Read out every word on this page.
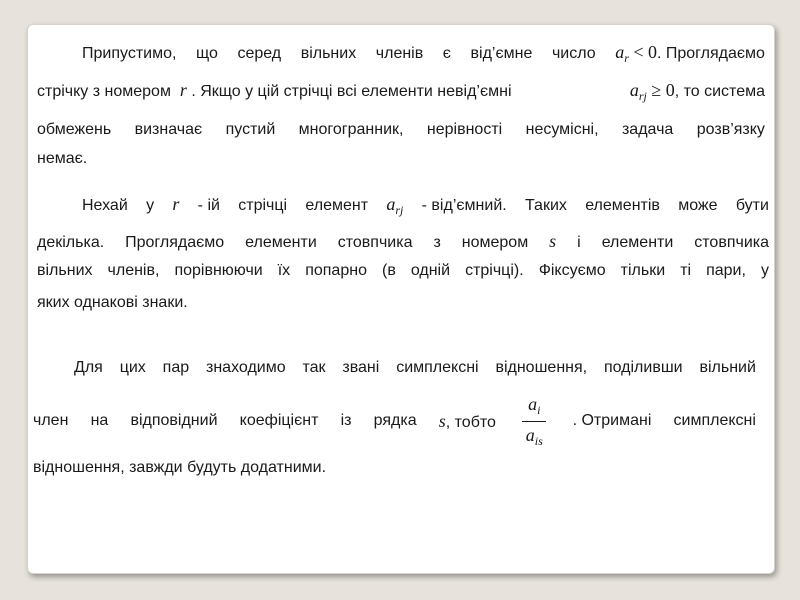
Припустимо, що серед вільних членів є від’ємне число $a_r < 0$. Проглядаємо
стрічку з номером r . Якщо у цій стрічці всі елементи невід’ємні	$a_{rj} \ge 0$, то система
обмежень визначає пустий многогранник, нерівності несумісні, задача розв’язку
немає.
Нехай у r - ій стрічці елемент $a_{rj}$ - від’ємний. Таких елементів може бути
декілька. Проглядаємо елементи стовпчика з номером s і елементи стовпчика
вільних членів, порівнюючи їх попарно (в одній стрічці). Фіксуємо тільки ті пари, у
яких однакові знаки.
Для цих пар знаходимо так звані симплексні відношення, поділивши вільний
член на відповідний коефіцієнт із рядка s, тобто $\frac{a_i}{a_{is}}$ . Отримані симплексні
відношення, завжди будуть додатними.
